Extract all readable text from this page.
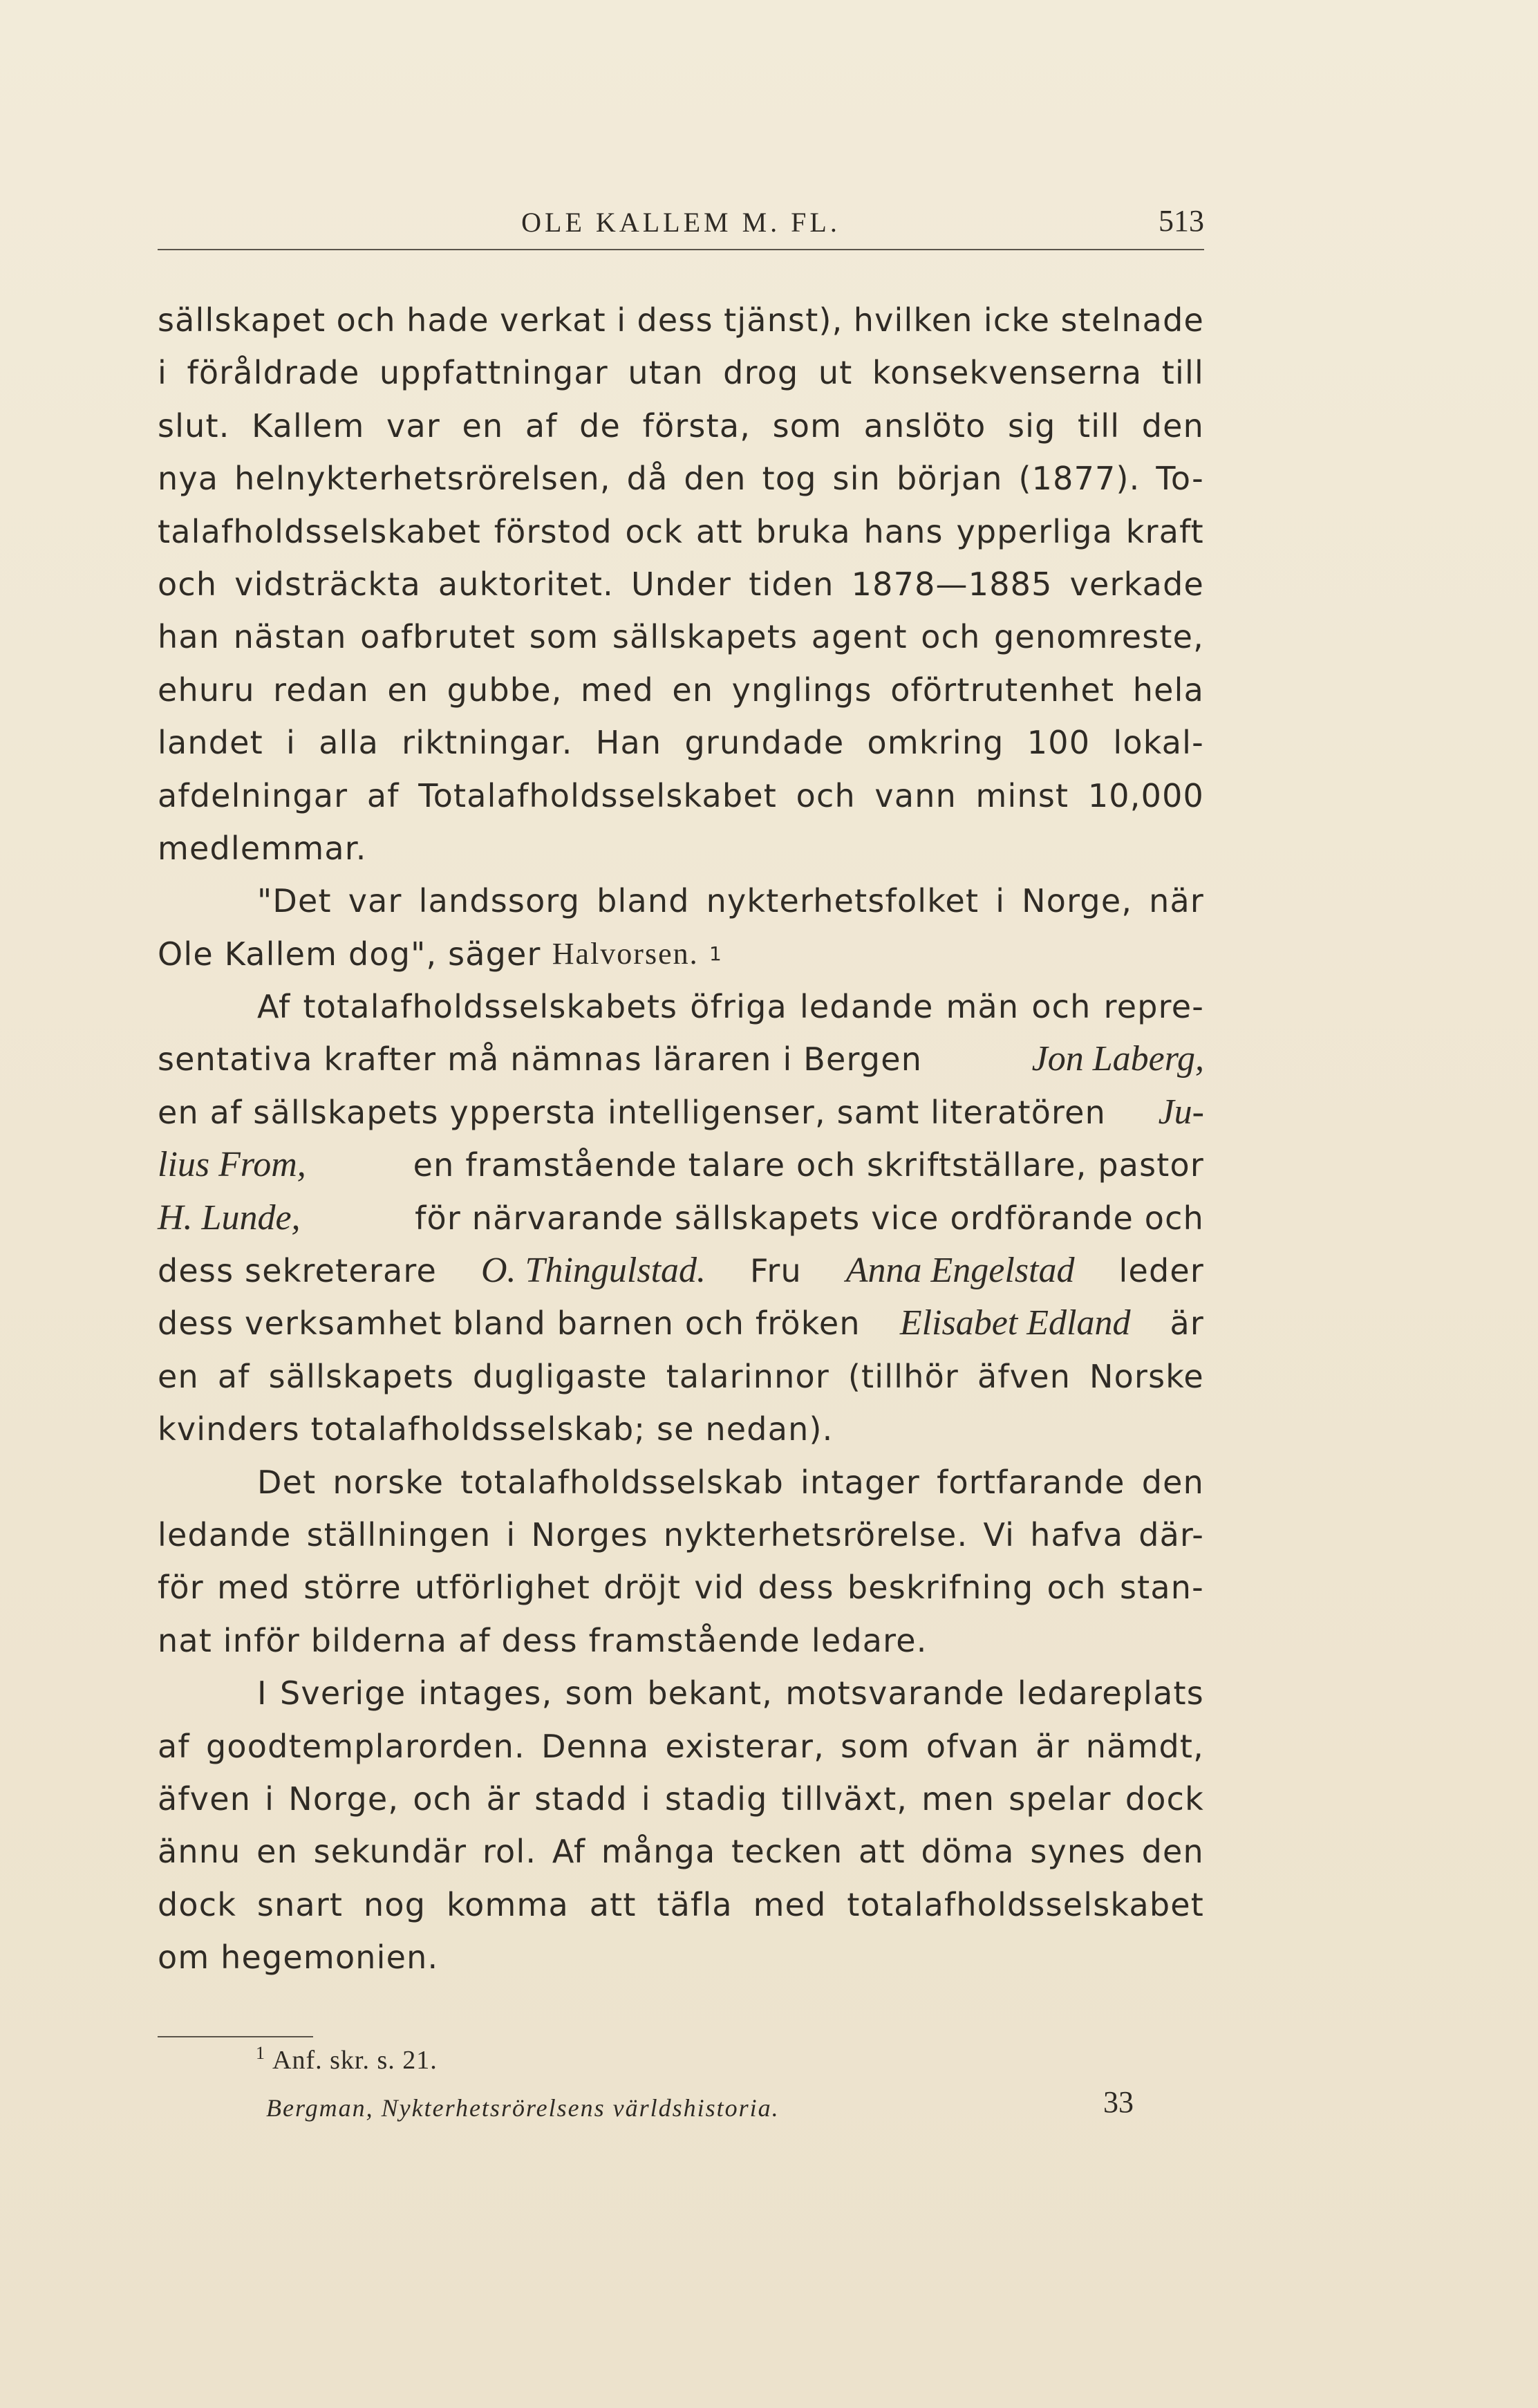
OLE KALLEM M. FL.	513
sällskapet och hade verkat i dess tjänst), hvilken icke stelnade
i föråldrade uppfattningar utan drog ut konsekvenserna till
slut. Kallem var en af de första, som anslöto sig till den
nya helnykterhetsrörelsen, då den tog sin början (1877). To-
talafholdsselskabet förstod ock att bruka hans ypperliga kraft
och vidsträckta auktoritet. Under tiden 1878—1885 verkade
han nästan oafbrutet som sällskapets agent och genomreste,
ehuru redan en gubbe, med en ynglings oförtrutenhet hela
landet i alla riktningar. Han grundade omkring 100 lokal-
afdelningar af Totalafholdsselskabet och vann minst 10,000
medlemmar.
"Det var landssorg bland nykterhetsfolket i Norge, när
Ole Kallem dog", säger Halvorsen. 1
Af totalafholdsselskabets öfriga ledande män och repre-
sentativa krafter må nämnas läraren i Bergen	Jon Laberg,
en af sällskapets yppersta intelligenser, samt literatören Ju-
lius From,	en framstående talare och skriftställare, pastor
H. Lunde,	för närvarande sällskapets vice ordförande och
dess sekreterare O. Thingulstad. Fru Anna Engelstad leder
dess verksamhet bland barnen och fröken Elisabet Edland är
en af sällskapets dugligaste talarinnor (tillhör äfven Norske
kvinders totalafholdsselskab; se nedan).
Det norske totalafholdsselskab intager fortfarande den
ledande ställningen i Norges nykterhetsrörelse. Vi hafva där-
för med större utförlighet dröjt vid dess beskrifning och stan-
nat inför bilderna af dess framstående ledare.
I Sverige intages, som bekant, motsvarande ledareplats
af goodtemplarorden. Denna existerar, som ofvan är nämdt,
äfven i Norge, och är stadd i stadig tillväxt, men spelar dock
ännu en sekundär rol. Af många tecken att döma synes den
dock snart nog komma att täfla med totalafholdsselskabet
om hegemonien.
$^1$ Anf. skr. s. 21.
Bergman, Nykterhetsrörelsens världshistoria.	33
